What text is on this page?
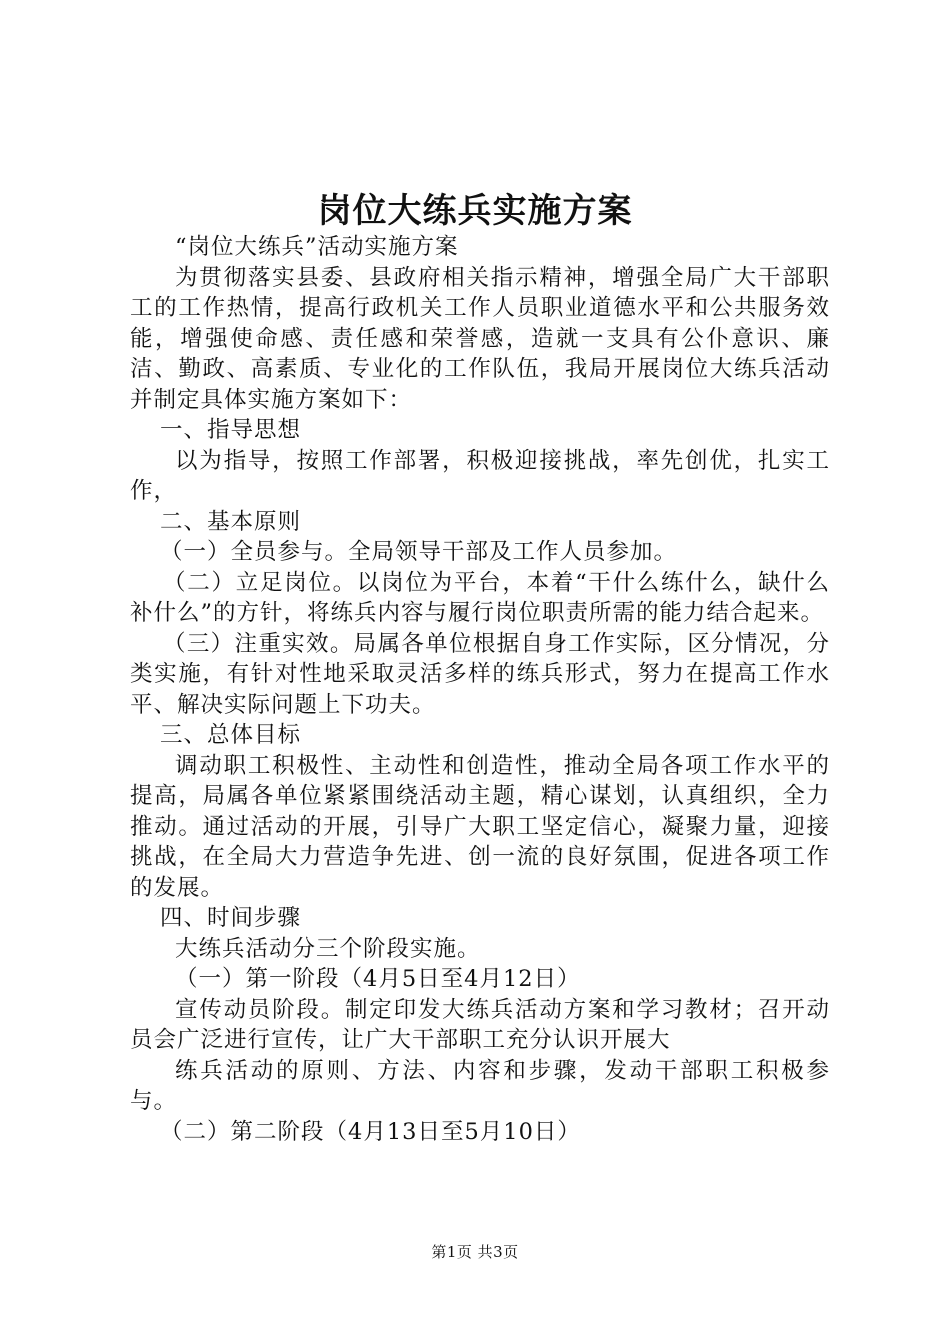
岗位大练兵实施方案

“岗位大练兵”活动实施方案

为贯彻落实县委、县政府相关指示精神，增强全局广大干部职工的工作热情，提高行政机关工作人员职业道德水平和公共服务效能，增强使命感、责任感和荣誉感，造就一支具有公仆意识、廉洁、勤政、高素质、专业化的工作队伍，我局开展岗位大练兵活动并制定具体实施方案如下：

一、指导思想

以为指导，按照工作部署，积极迎接挑战，率先创优，扎实工作，

二、基本原则

（一）全员参与。全局领导干部及工作人员参加。

（二）立足岗位。以岗位为平台，本着“干什么练什么，缺什么补什么”的方针，将练兵内容与履行岗位职责所需的能力结合起来。

（三）注重实效。局属各单位根据自身工作实际，区分情况，分类实施，有针对性地采取灵活多样的练兵形式，努力在提高工作水平、解决实际问题上下功夫。

三、总体目标

调动职工积极性、主动性和创造性，推动全局各项工作水平的提高，局属各单位紧紧围绕活动主题，精心谋划，认真组织，全力推动。通过活动的开展，引导广大职工坚定信心，凝聚力量，迎接挑战，在全局大力营造争先进、创一流的良好氛围，促进各项工作的发展。

四、时间步骤

大练兵活动分三个阶段实施。

（一）第一阶段（4月5日至4月12日）

宣传动员阶段。制定印发大练兵活动方案和学习教材；召开动员会广泛进行宣传，让广大干部职工充分认识开展大

练兵活动的原则、方法、内容和步骤，发动干部职工积极参与。

（二）第二阶段（4月13日至5月10日）

第1页 共3页
